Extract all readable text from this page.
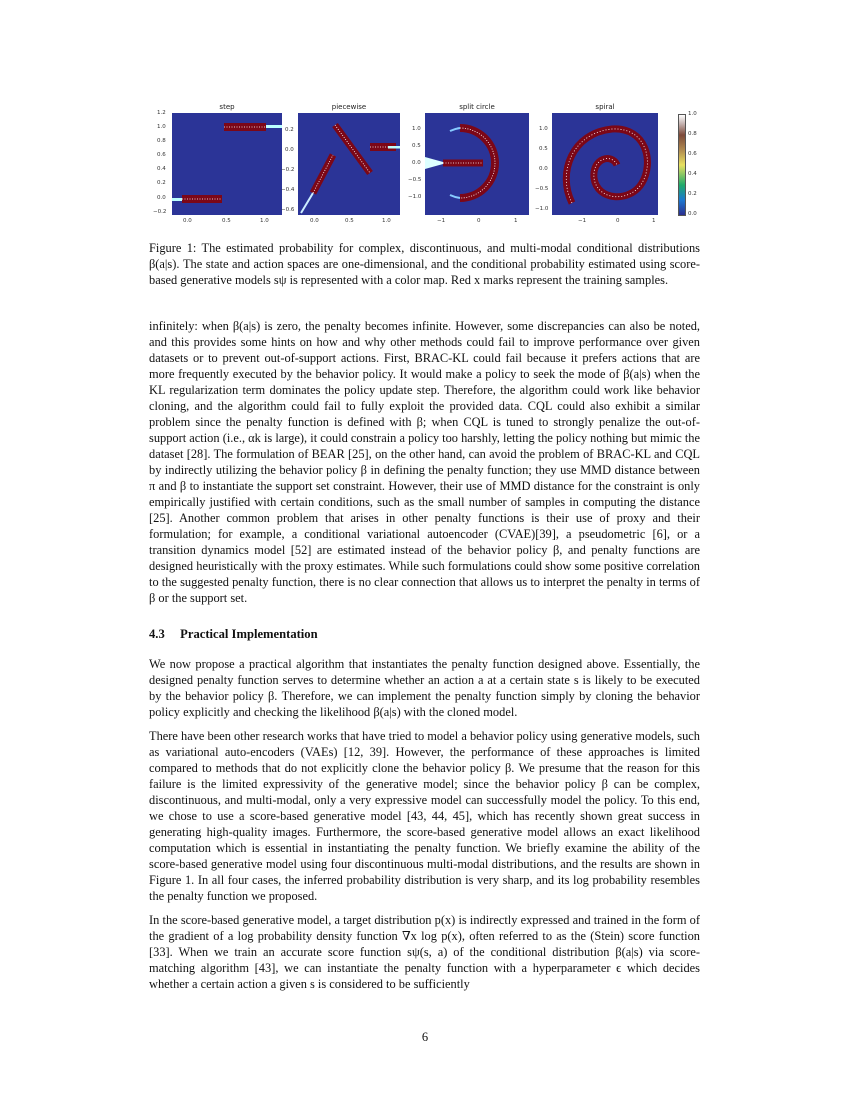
step
1.2
1.0
0.8
0.6
0.4
0.2
0.0
−0.2
0.0	0.5	1.0
piecewise
0.2
0.0
−0.2
−0.4
−0.6
0.0	0.5	1.0
split circle
1.0
0.5
0.0
−0.5
−1.0
−1	0	1
spiral
1.0
0.5
0.0
−0.5
−1.0
−1	0	1
1.0
0.8
0.6
0.4
0.2
0.0

Figure 1: The estimated probability for complex, discontinuous, and multi-modal conditional distributions β(a|s). The state and action spaces are one-dimensional, and the conditional probability estimated using score-based generative models sψ is represented with a color map. Red x marks represent the training samples.

infinitely: when β(a|s) is zero, the penalty becomes infinite. However, some discrepancies can also be noted, and this provides some hints on how and why other methods could fail to improve performance over given datasets or to prevent out-of-support actions. First, BRAC-KL could fail because it prefers actions that are more frequently executed by the behavior policy. It would make a policy to seek the mode of β(a|s) when the KL regularization term dominates the policy update step. Therefore, the algorithm could work like behavior cloning, and the algorithm could fail to fully exploit the provided data. CQL could also exhibit a similar problem since the penalty function is defined with β; when CQL is tuned to strongly penalize the out-of-support action (i.e., αk is large), it could constrain a policy too harshly, letting the policy nothing but mimic the dataset [28]. The formulation of BEAR [25], on the other hand, can avoid the problem of BRAC-KL and CQL by indirectly utilizing the behavior policy β in defining the penalty function; they use MMD distance between π and β to instantiate the support set constraint. However, their use of MMD distance for the constraint is only empirically justified with certain conditions, such as the small number of samples in computing the distance [25]. Another common problem that arises in other penalty functions is their use of proxy and their formulation; for example, a conditional variational autoencoder (CVAE)[39], a pseudometric [6], or a transition dynamics model [52] are estimated instead of the behavior policy β, and penalty functions are designed heuristically with the proxy estimates. While such formulations could show some positive correlation to the suggested penalty function, there is no clear connection that allows us to interpret the penalty in terms of β or the support set.

4.3 Practical Implementation

We now propose a practical algorithm that instantiates the penalty function designed above. Essentially, the designed penalty function serves to determine whether an action a at a certain state s is likely to be executed by the behavior policy β. Therefore, we can implement the penalty function simply by cloning the behavior policy explicitly and checking the likelihood β(a|s) with the cloned model.

There have been other research works that have tried to model a behavior policy using generative models, such as variational auto-encoders (VAEs) [12, 39]. However, the performance of these approaches is limited compared to methods that do not explicitly clone the behavior policy β. We presume that the reason for this failure is the limited expressivity of the generative model; since the behavior policy β can be complex, discontinuous, and multi-modal, only a very expressive model can successfully model the policy. To this end, we chose to use a score-based generative model [43, 44, 45], which has recently shown great success in generating high-quality images. Furthermore, the score-based generative model allows an exact likelihood computation which is essential in instantiating the penalty function. We briefly examine the ability of the score-based generative model using four discontinuous multi-modal distributions, and the results are shown in Figure 1. In all four cases, the inferred probability distribution is very sharp, and its log probability resembles the penalty function we proposed.

In the score-based generative model, a target distribution p(x) is indirectly expressed and trained in the form of the gradient of a log probability density function ∇x log p(x), often referred to as the (Stein) score function [33]. When we train an accurate score function sψ(s, a) of the conditional distribution β(a|s) via score-matching algorithm [43], we can instantiate the penalty function with a hyperparameter ϵ which decides whether a certain action a given s is considered to be sufficiently

6
